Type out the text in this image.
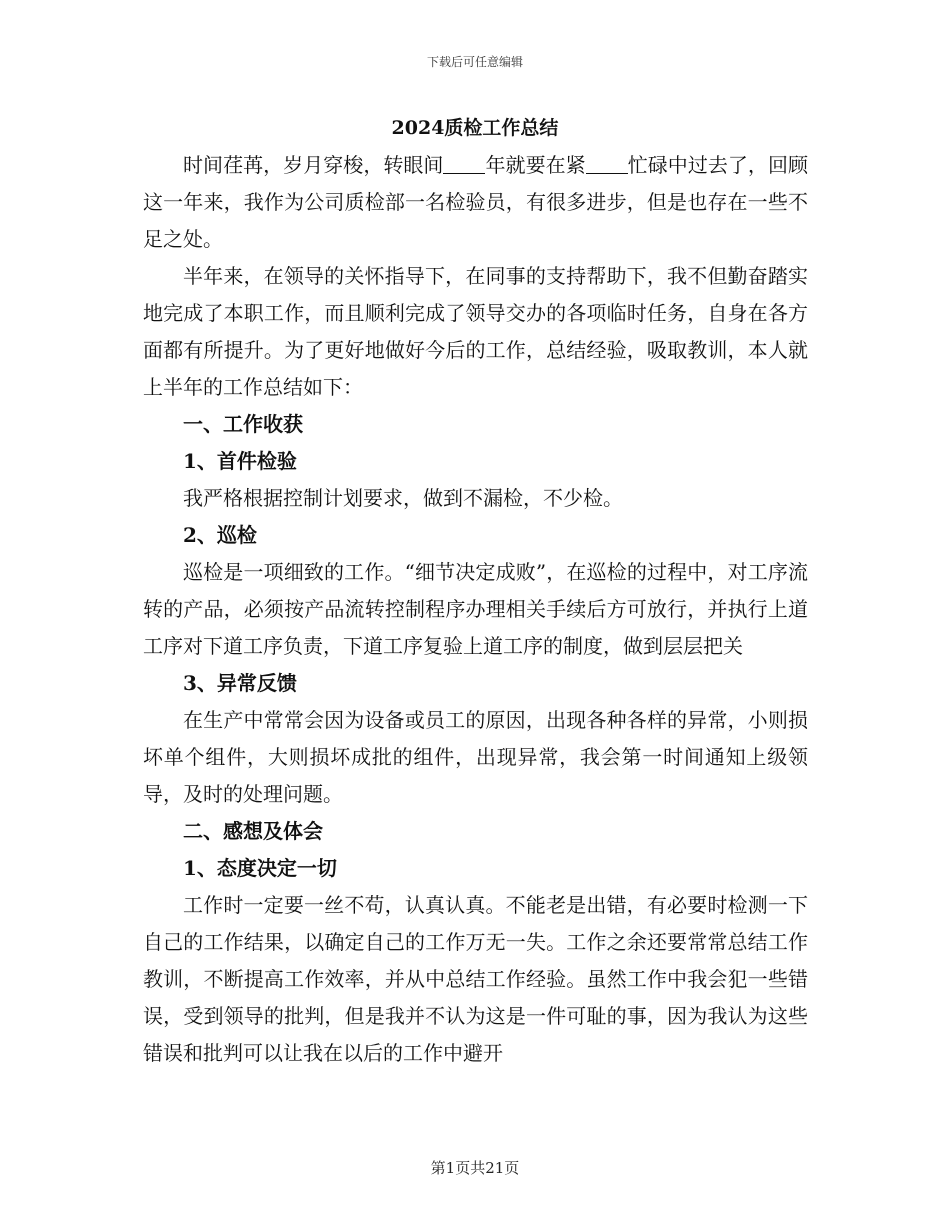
下载后可任意编辑
2024质检工作总结

时间荏苒，岁月穿梭，转眼间 年就要在紧 忙碌中过去了，回顾这一年来，我作为公司质检部一名检验员，有很多进步，但是也存在一些不足之处。

半年来，在领导的关怀指导下，在同事的支持帮助下，我不但勤奋踏实地完成了本职工作，而且顺利完成了领导交办的各项临时任务，自身在各方面都有所提升。为了更好地做好今后的工作，总结经验，吸取教训，本人就上半年的工作总结如下：

一、工作收获

1、首件检验

我严格根据控制计划要求，做到不漏检，不少检。

2、巡检

巡检是一项细致的工作。“细节决定成败”，在巡检的过程中，对工序流转的产品，必须按产品流转控制程序办理相关手续后方可放行，并执行上道工序对下道工序负责，下道工序复验上道工序的制度，做到层层把关

3、异常反馈

在生产中常常会因为设备或员工的原因，出现各种各样的异常，小则损坏单个组件，大则损坏成批的组件，出现异常，我会第一时间通知上级领导，及时的处理问题。

二、感想及体会

1、态度决定一切

工作时一定要一丝不苟，认真认真。不能老是出错，有必要时检测一下自己的工作结果，以确定自己的工作万无一失。工作之余还要常常总结工作教训，不断提高工作效率，并从中总结工作经验。虽然工作中我会犯一些错误，受到领导的批判，但是我并不认为这是一件可耻的事，因为我认为这些错误和批判可以让我在以后的工作中避开

第1页共21页
